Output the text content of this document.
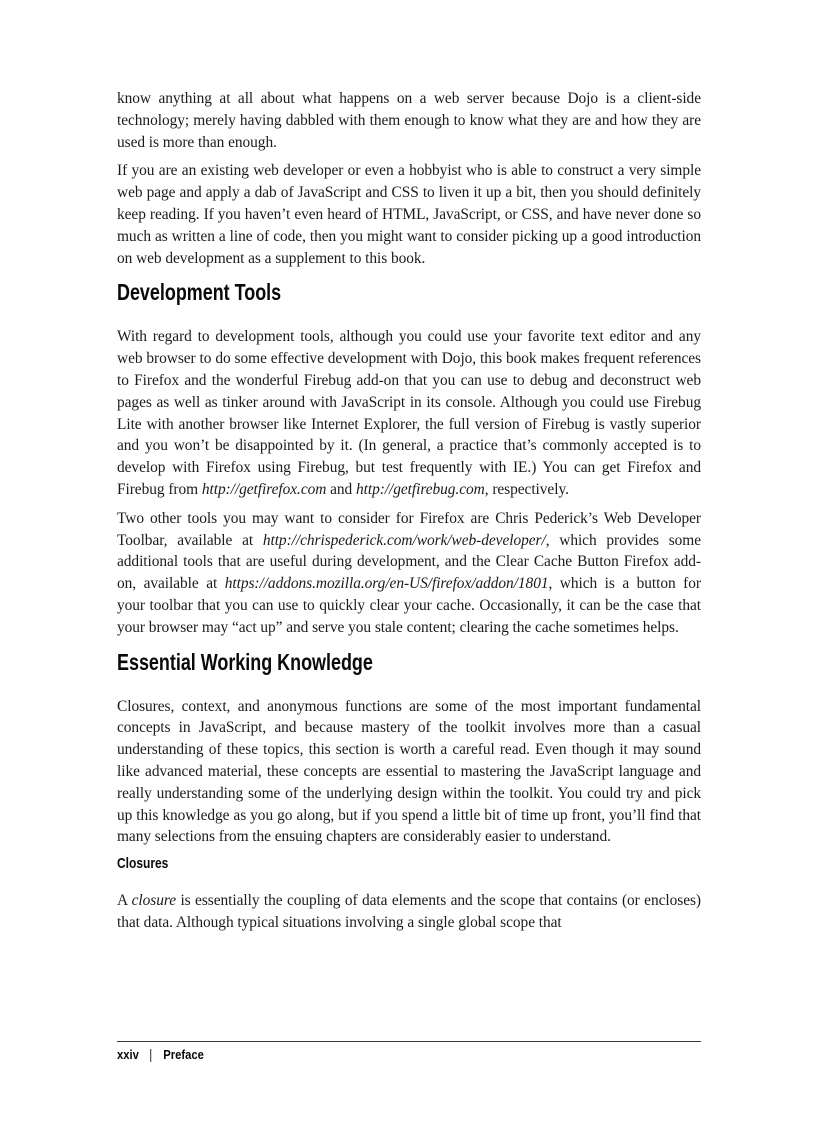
know anything at all about what happens on a web server because Dojo is a client-side technology; merely having dabbled with them enough to know what they are and how they are used is more than enough.

If you are an existing web developer or even a hobbyist who is able to construct a very simple web page and apply a dab of JavaScript and CSS to liven it up a bit, then you should definitely keep reading. If you haven’t even heard of HTML, JavaScript, or CSS, and have never done so much as written a line of code, then you might want to consider picking up a good introduction on web development as a supplement to this book.

Development Tools

With regard to development tools, although you could use your favorite text editor and any web browser to do some effective development with Dojo, this book makes frequent references to Firefox and the wonderful Firebug add-on that you can use to debug and deconstruct web pages as well as tinker around with JavaScript in its console. Although you could use Firebug Lite with another browser like Internet Explorer, the full version of Firebug is vastly superior and you won’t be disappointed by it. (In general, a practice that’s commonly accepted is to develop with Firefox using Firebug, but test frequently with IE.) You can get Firefox and Firebug from http://getfirefox.com and http://getfirebug.com, respectively.

Two other tools you may want to consider for Firefox are Chris Pederick’s Web Developer Toolbar, available at http://chrispederick.com/work/web-developer/, which provides some additional tools that are useful during development, and the Clear Cache Button Firefox add-on, available at https://addons.mozilla.org/en-US/firefox/addon/1801, which is a button for your toolbar that you can use to quickly clear your cache. Occasionally, it can be the case that your browser may “act up” and serve you stale content; clearing the cache sometimes helps.

Essential Working Knowledge

Closures, context, and anonymous functions are some of the most important fundamental concepts in JavaScript, and because mastery of the toolkit involves more than a casual understanding of these topics, this section is worth a careful read. Even though it may sound like advanced material, these concepts are essential to mastering the JavaScript language and really understanding some of the underlying design within the toolkit. You could try and pick up this knowledge as you go along, but if you spend a little bit of time up front, you’ll find that many selections from the ensuing chapters are considerably easier to understand.

Closures

A closure is essentially the coupling of data elements and the scope that contains (or encloses) that data. Although typical situations involving a single global scope that

xxiv Preface
